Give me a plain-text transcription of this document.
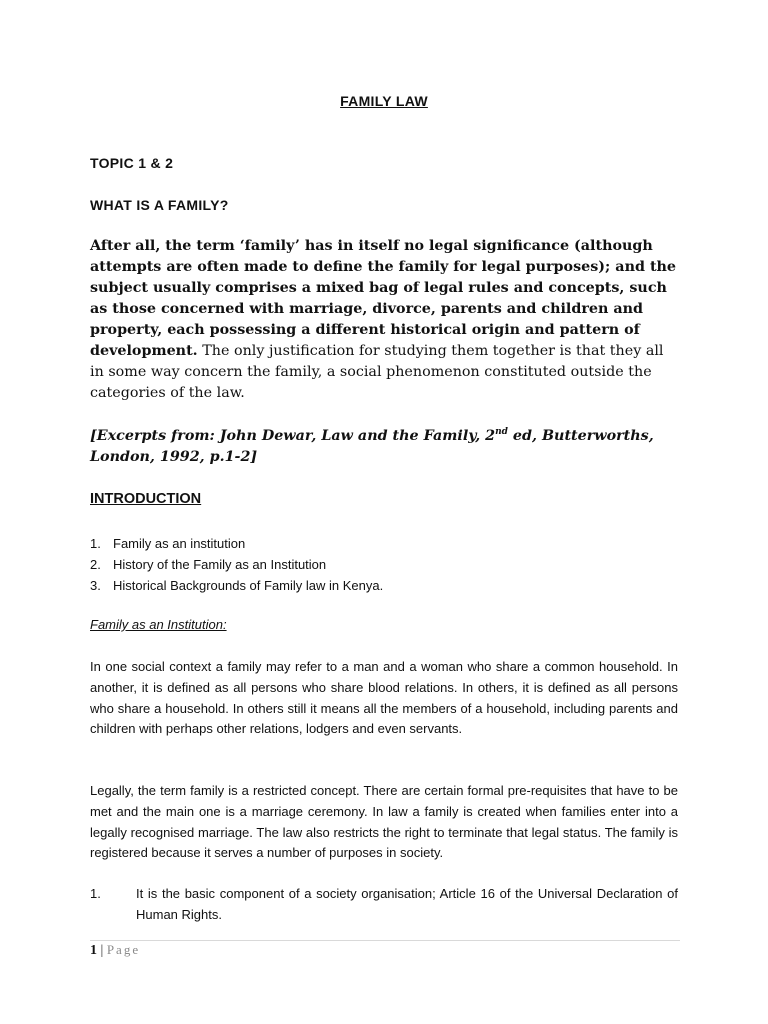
FAMILY LAW
TOPIC 1 & 2
WHAT IS A FAMILY?
After all, the term ‘family’ has in itself no legal significance (although attempts are often made to define the family for legal purposes); and the subject usually comprises a mixed bag of legal rules and concepts, such as those concerned with marriage, divorce, parents and children and property, each possessing a different historical origin and pattern of development. The only justification for studying them together is that they all in some way concern the family, a social phenomenon constituted outside the categories of the law.
[Excerpts from: John Dewar, Law and the Family, 2nd ed, Butterworths, London, 1992, p.1-2]
INTRODUCTION
1. Family as an institution
2. History of the Family as an Institution
3. Historical Backgrounds of Family law in Kenya.
Family as an Institution:
In one social context a family may refer to a man and a woman who share a common household. In another, it is defined as all persons who share blood relations. In others, it is defined as all persons who share a household. In others still it means all the members of a household, including parents and children with perhaps other relations, lodgers and even servants.
Legally, the term family is a restricted concept. There are certain formal pre-requisites that have to be met and the main one is a marriage ceremony. In law a family is created when families enter into a legally recognised marriage. The law also restricts the right to terminate that legal status. The family is registered because it serves a number of purposes in society.
1.	It is the basic component of a society organisation; Article 16 of the Universal Declaration of Human Rights.
1 | Page
